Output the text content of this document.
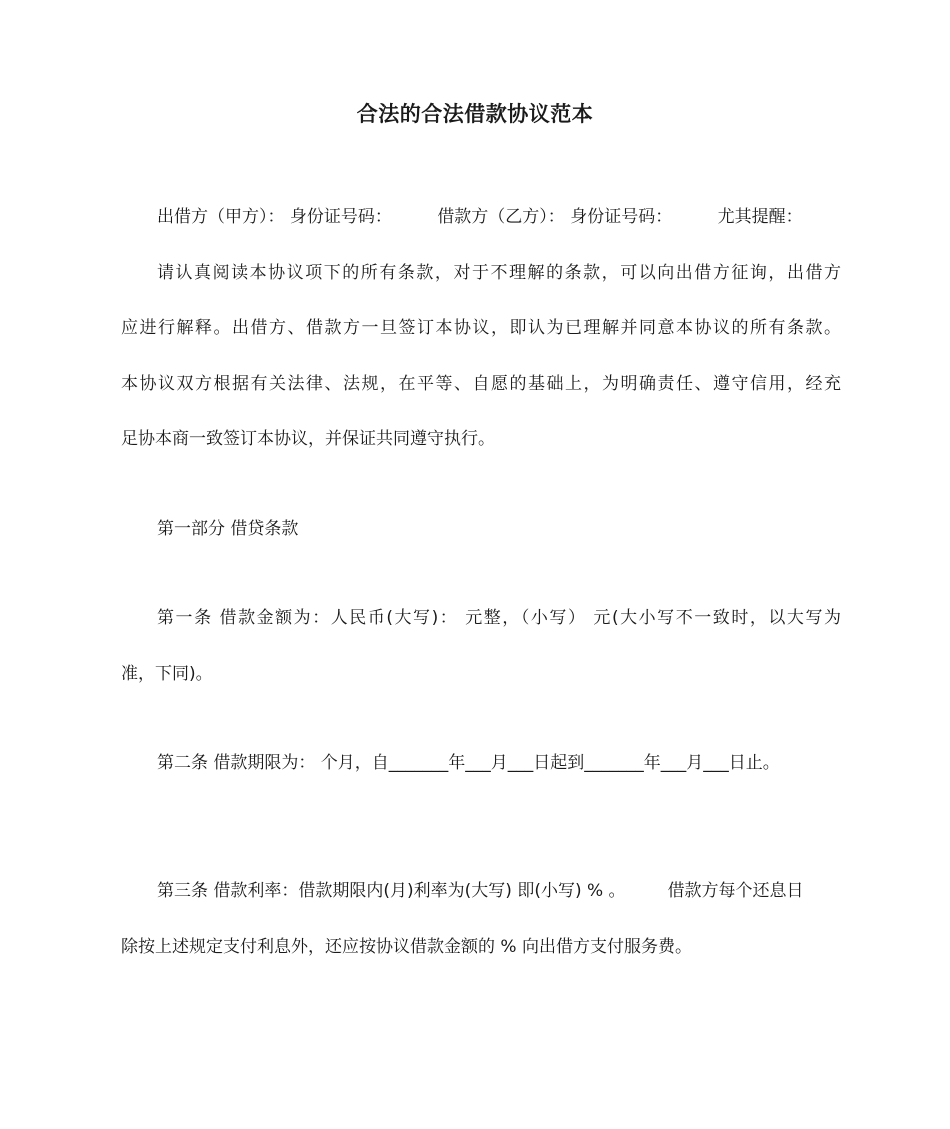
合法的合法借款协议范本
出借方（甲方）： 身份证号码：	借款方（乙方）： 身份证号码：	尤其提醒：
请认真阅读本协议项下的所有条款，对于不理解的条款，可以向出借方征询，出借方
应进行解释。出借方、借款方一旦签订本协议，即认为已理解并同意本协议的所有条款。
本协议双方根据有关法律、法规，在平等、自愿的基础上，为明确责任、遵守信用，经充
足协本商一致签订本协议，并保证共同遵守执行。
第一部分 借贷条款
第一条 借款金额为：人民币(大写)： 元整，（小写） 元(大小写不一致时，以大写为
准，下同)。
第二条 借款期限为： 个月，自_______年___月___日起到_______年___月___日止。
第三条 借款利率：借款期限内(月)利率为(大写) 即(小写) % 。 借款方每个还息日
除按上述规定支付利息外，还应按协议借款金额的 % 向出借方支付服务费。
